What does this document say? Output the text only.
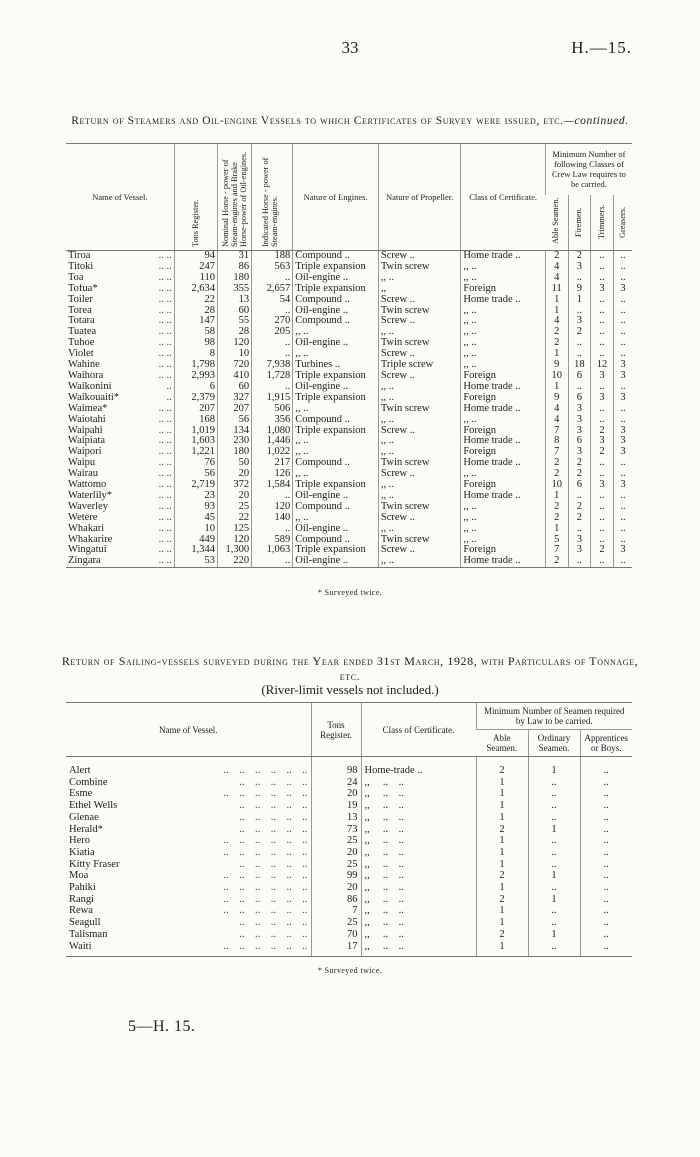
33	H.—15.
Return of Steamers and Oil-engine Vessels to which Certificates of Survey were issued, etc.—continued.
Name of Vessel.	Tons Register.	Nominal Horse - power of Steam-engines and Brake Horse-power of Oil-engines.	Indicated Horse - power of Steam-engines.	Nature of Engines.	Nature of Propeller.	Class of Certificate.	Minimum Number of following Classes of Crew Law requires to be carried.			

							Able Seamen.	Firemen.	Trimmers.	Greasers.

Tiroa .. ..	94	31	188	Compound ..	Screw ..	Home trade ..	2	2	..	..
Titoki .. ..	247	86	563	Triple expansion	Twin screw	,, ..	4	3	..	..
Toa .. ..	110	180	..	Oil-engine ..	,, ..	,, ..	4	..	..	..
Tofua* .. ..	2,634	355	2,657	Triple expansion	,,	Foreign	11	9	3	3
Toiler .. ..	22	13	54	Compound ..	Screw ..	Home trade ..	1	1	..	..
Torea .. ..	28	60	..	Oil-engine ..	Twin screw	,, ..	1	..	..	..
Totara .. ..	147	55	270	Compound ..	Screw ..	,, ..	4	3	..	..
Tuatea .. ..	58	28	205	,, ..	,, ..	,, ..	2	2	..	..
Tuhoe .. ..	98	120	..	Oil-engine ..	Twin screw	,, ..	2	..	..	..
Violet .. ..	8	10	..	,, ..	Screw ..	,, ..	1	..	..	..
Wahine .. ..	1,798	720	7,938	Turbines ..	Triple screw	,, ..	9	18	12	3
Waihora .. ..	2,993	410	1,728	Triple expansion	Screw ..	Foreign	10	6	3	3
Waikonini ..	6	60	..	Oil-engine ..	,, ..	Home trade ..	1	..	..	..
Waikouaiti* ..	2,379	327	1,915	Triple expansion	,, ..	Foreign	9	6	3	3
Waimea* .. ..	207	207	506	,, ..	Twin screw	Home trade ..	4	3	..	..
Waiotahi .. ..	168	56	356	Compound ..	,, ..	,, ..	4	3	..	..
Waipahi .. ..	1,019	134	1,080	Triple expansion	Screw ..	Foreign	7	3	2	3
Waipiata .. ..	1,603	230	1,446	,, ..	,, ..	Home trade ..	8	6	3	3
Waipori .. ..	1,221	180	1,022	,, ..	,, ..	Foreign	7	3	2	3
Waipu .. ..	76	50	217	Compound ..	Twin screw	Home trade ..	2	2	..	..
Wairau .. ..	56	20	126	,, ..	Screw ..	,, ..	2	2	..	..
Wattomo .. ..	2,719	372	1,584	Triple expansion	,, ..	Foreign	10	6	3	3
Waterlily* .. ..	23	20	..	Oil-engine ..	,, ..	Home trade ..	1	..	..	..
Waverley .. ..	93	25	120	Compound ..	Twin screw	,, ..	2	2	..	..
Wetere .. ..	45	22	140	,, ..	Screw ..	,, ..	2	2	..	..
Whakari .. ..	10	125	..	Oil-engine ..	,, ..	,, ..	1	..	..	..
Whakarire .. ..	449	120	589	Compound ..	Twin screw	,, ..	5	3	..	..
Wingatui .. ..	1,344	1,300	1,063	Triple expansion	Screw ..	Foreign	7	3	2	3
Zingara .. ..	53	220	..	Oil-engine ..	,, ..	Home trade ..	2	..	..	..
* Surveyed twice.
Return of Sailing-vessels surveyed during the Year ended 31st March, 1928, with Particulars of Tonnage, etc.
(River-limit vessels not included.)
Name of Vessel.	Tons Register.	Class of Certificate.	Minimum Number of Seamen required by Law to be carried.		
			Able Seamen.	Ordinary Seamen.	Apprentices or Boys.
Alert ..    ..    ..    ..    ..    ..	98	Home-trade ..	2	1	..
Combine ..    ..    ..    ..    ..	24	,,     ..    ..	1	..	..
Esme ..    ..    ..    ..    ..    ..	20	,,     ..    ..	1	..	..
Ethel Wells ..    ..    ..    ..    ..	19	,,     ..    ..	1	..	..
Glenae ..    ..    ..    ..    ..	13	,,     ..    ..	1	..	..
Herald* ..    ..    ..    ..    ..	73	,,     ..    ..	2	1	..
Hero ..    ..    ..    ..    ..    ..	25	,,     ..    ..	1	..	..
Kiatia ..    ..    ..    ..    ..    ..	20	,,     ..    ..	1	..	..
Kitty Fraser ..    ..    ..    ..    ..	25	,,     ..    ..	1	..	..
Moa ..    ..    ..    ..    ..    ..	99	,,     ..    ..	2	1	..
Pahiki ..    ..    ..    ..    ..    ..	20	,,     ..    ..	1	..	..
Rangi ..    ..    ..    ..    ..    ..	86	,,     ..    ..	2	1	..
Rewa ..    ..    ..    ..    ..    ..	7	,,     ..    ..	1	..	..
Seagull ..    ..    ..    ..    ..	25	,,     ..    ..	1	..	..
Talisman ..    ..    ..    ..    ..	70	,,     ..    ..	2	1	..
Waiti ..    ..    ..    ..    ..    ..	17	,,     ..    ..	1	..	..
* Surveyed twice.
5—H. 15.
